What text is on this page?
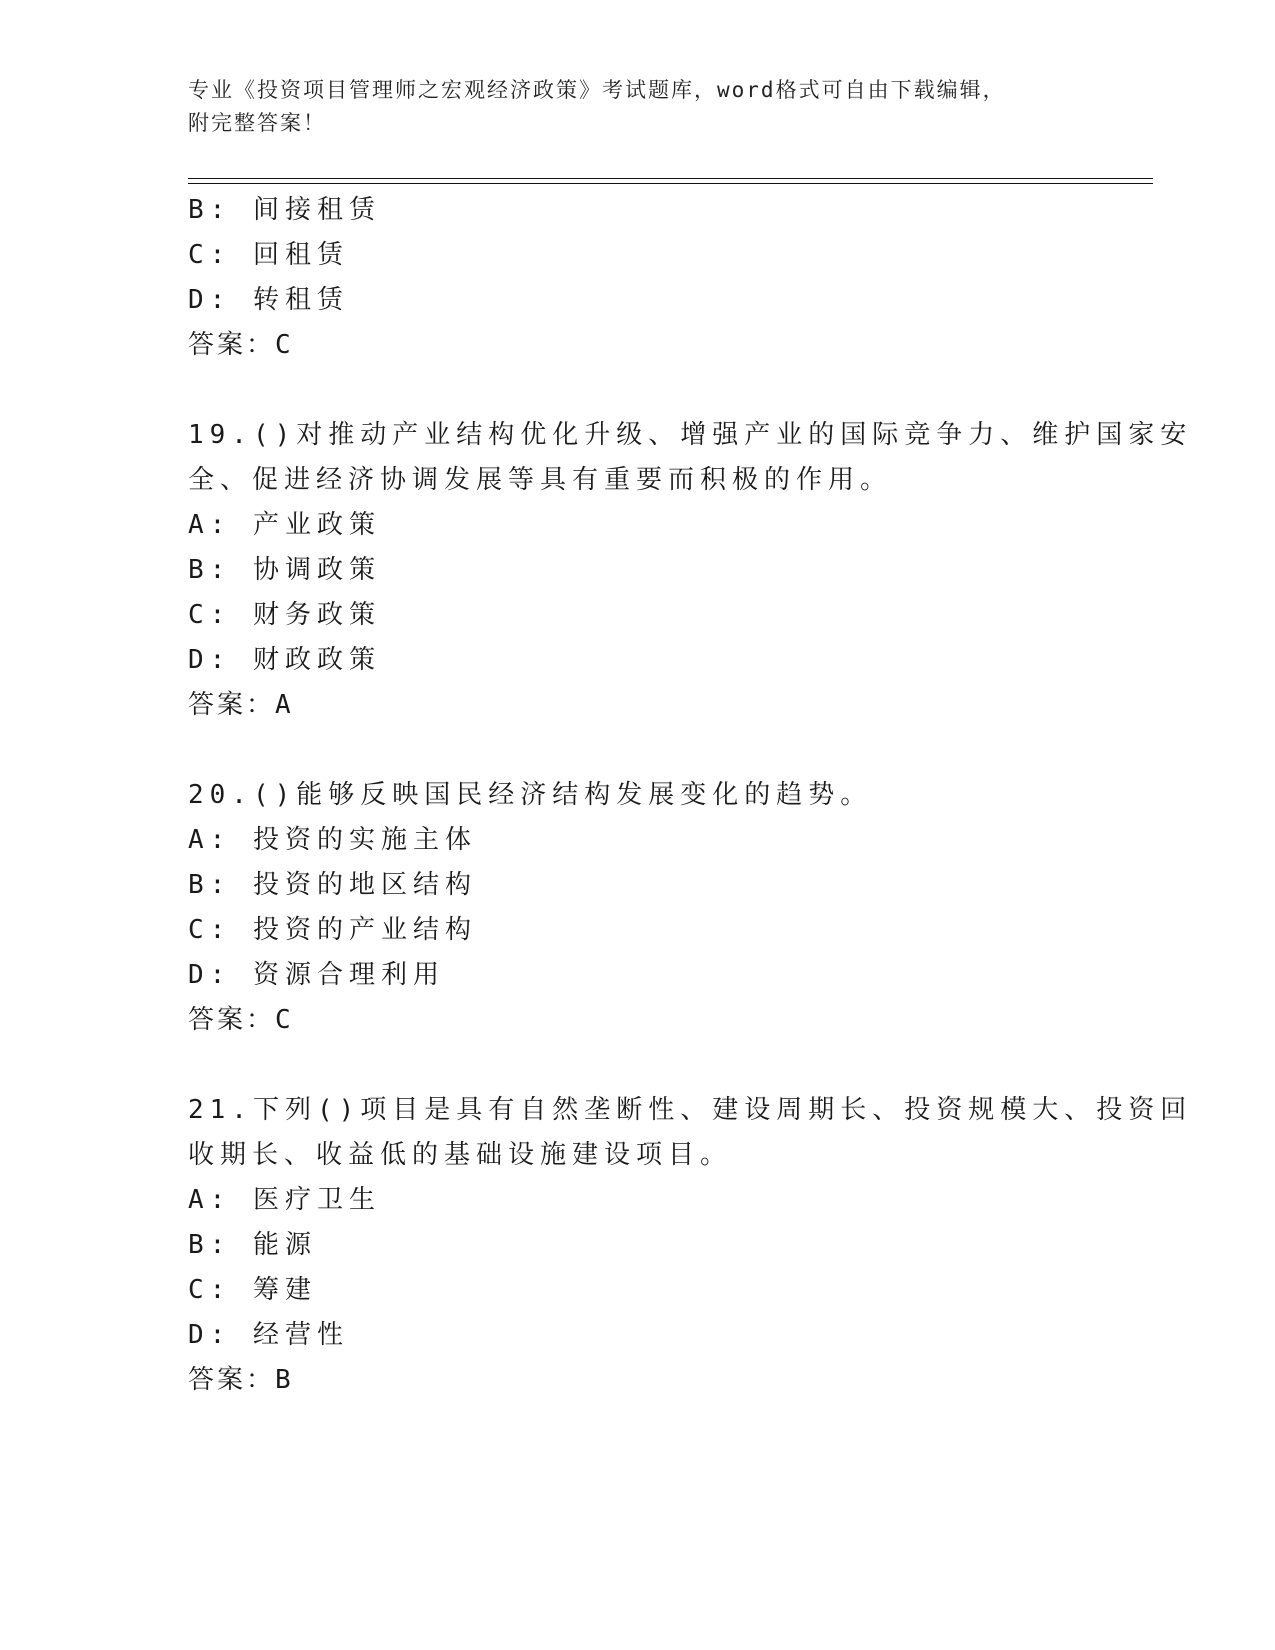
专业《投资项目管理师之宏观经济政策》考试题库，word格式可自由下载编辑，
附完整答案！
B: 间接租赁
C: 回租赁
D: 转租赁
答案：C
19.()对推动产业结构优化升级、增强产业的国际竞争力、维护国家安
全、促进经济协调发展等具有重要而积极的作用。
A: 产业政策
B: 协调政策
C: 财务政策
D: 财政政策
答案：A
20.()能够反映国民经济结构发展变化的趋势。
A: 投资的实施主体
B: 投资的地区结构
C: 投资的产业结构
D: 资源合理利用
答案：C
21.下列()项目是具有自然垄断性、建设周期长、投资规模大、投资回
收期长、收益低的基础设施建设项目。
A: 医疗卫生
B: 能源
C: 筹建
D: 经营性
答案：B
